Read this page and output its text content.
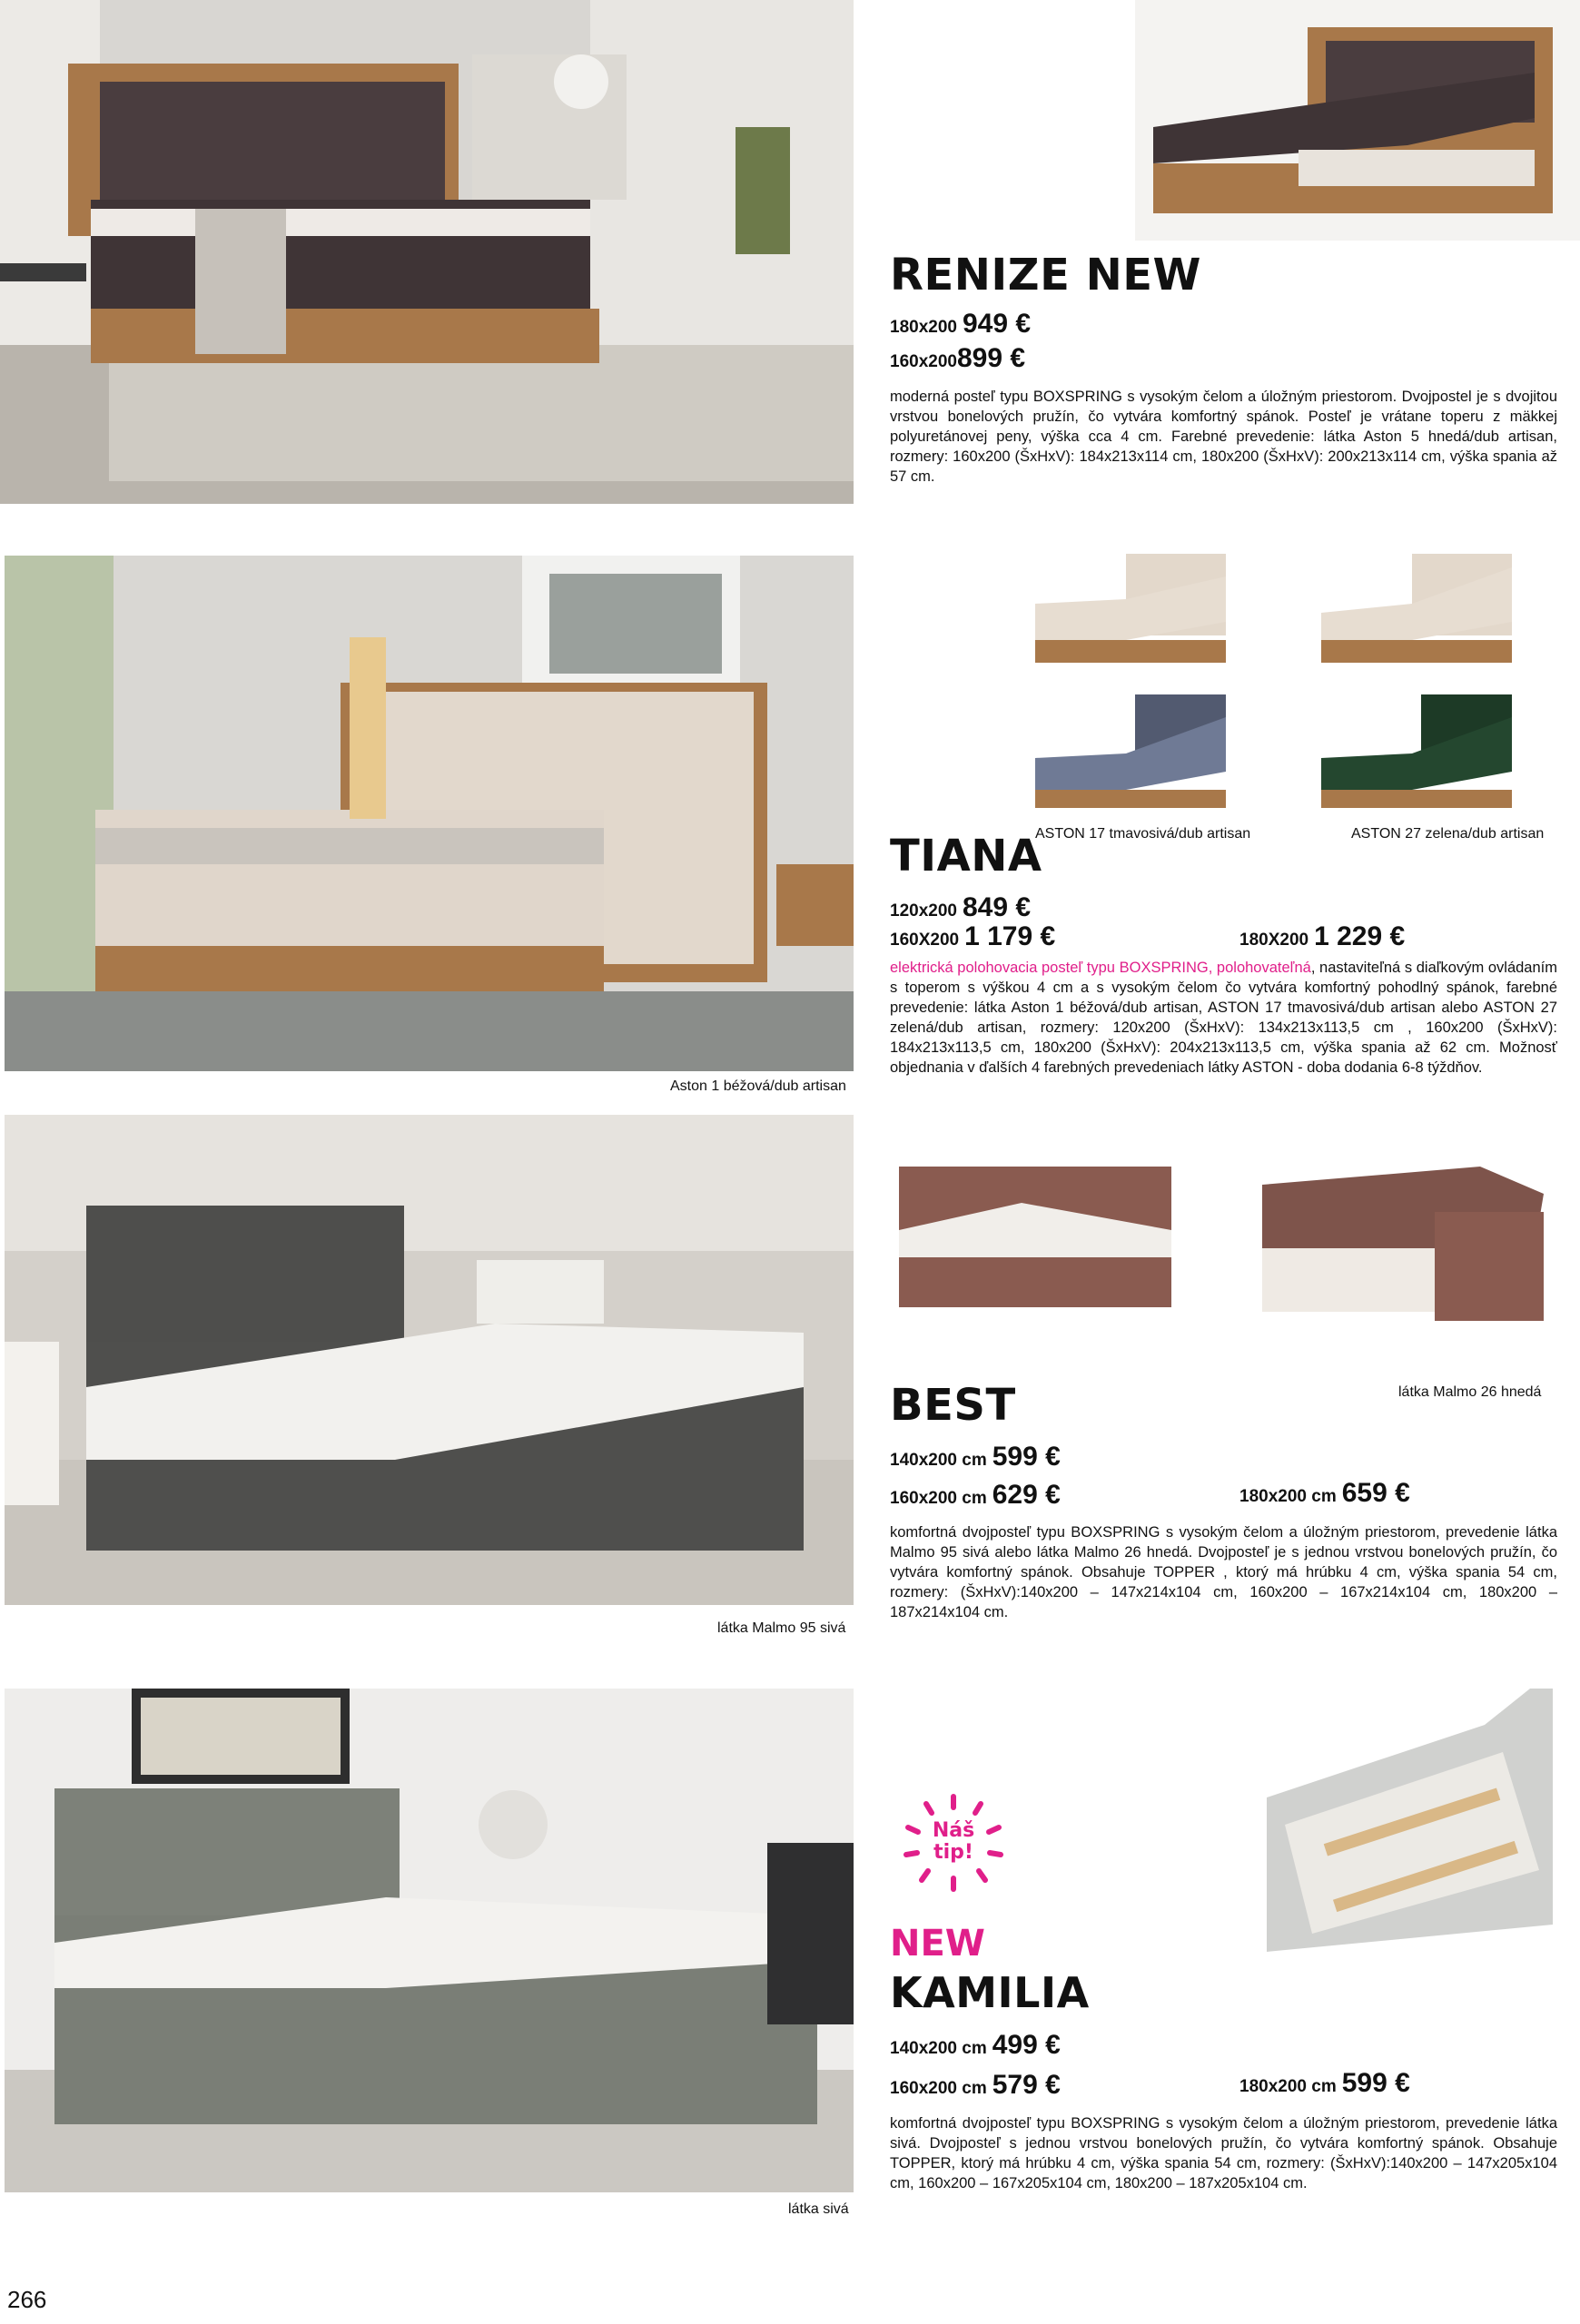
RENIZE NEW
180x200 949 €
160x200899 €
moderná posteľ typu BOXSPRING s vysokým čelom a úložným priestorom. Dvojpostel je s dvojitou vrstvou bonelových pružín, čo vytvára komfortný spánok. Posteľ je vrátane toperu z mäkkej polyuretánovej peny, výška cca 4 cm. Farebné prevedenie: látka Aston 5 hnedá/dub artisan, rozmery: 160x200 (ŠxHxV): 184x213x114 cm, 180x200 (ŠxHxV): 200x213x114 cm, výška spania až 57 cm.
ASTON 17 tmavosivá/dub artisan	ASTON 27 zelena/dub artisan
TIANA
120x200 849 €
160X200 1 179 €	180X200 1 229 €
elektrická polohovacia posteľ typu BOXSPRING, polohovateľná, nastaviteľná s diaľkovým ovládaním s toperom s výškou 4 cm a s vysokým čelom čo vytvára komfortný pohodlný spánok, farebné prevedenie: látka Aston 1 béžová/dub artisan, ASTON 17 tmavosivá/dub artisan alebo ASTON 27 zelená/dub artisan, rozmery: 120x200 (ŠxHxV): 134x213x113,5 cm , 160x200 (ŠxHxV): 184x213x113,5 cm, 180x200 (ŠxHxV): 204x213x113,5 cm, výška spania až 62 cm. Možnosť objednania v ďalších 4 farebných prevedeniach látky ASTON - doba dodania 6-8 týždňov.
Aston 1 béžová/dub artisan
BEST	látka Malmo 26 hnedá
140x200 cm 599 €
160x200 cm 629 €	180x200 cm 659 €
komfortná dvojposteľ typu BOXSPRING s vysokým čelom a úložným priestorom, prevedenie látka Malmo 95 sivá alebo látka Malmo 26 hnedá. Dvojposteľ je s jednou vrstvou bonelových pružín, čo vytvára komfortný spánok. Obsahuje TOPPER , ktorý má hrúbku 4 cm, výška spania 54 cm, rozmery: (ŠxHxV):140x200 – 147x214x104 cm, 160x200 – 167x214x104 cm, 180x200 – 187x214x104 cm.
látka Malmo 95 sivá
Náš tip!
NEW
KAMILIA
140x200 cm 499 €
160x200 cm 579 €	180x200 cm 599 €
komfortná dvojposteľ typu BOXSPRING s vysokým čelom a úložným priestorom, prevedenie látka sivá. Dvojposteľ s jednou vrstvou bonelových pružín, čo vytvára komfortný spánok. Obsahuje TOPPER, ktorý má hrúbku 4 cm, výška spania 54 cm, rozmery: (ŠxHxV):140x200 – 147x205x104 cm, 160x200 – 167x205x104 cm, 180x200 – 187x205x104 cm.
látka sivá
266
